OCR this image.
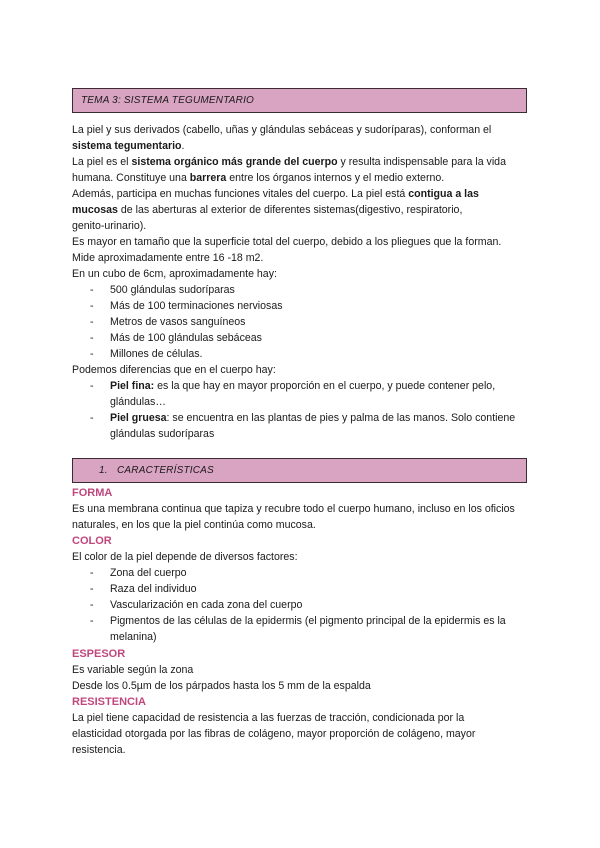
TEMA 3: SISTEMA TEGUMENTARIO
La piel y sus derivados (cabello, uñas y glándulas sebáceas y sudoríparas), conforman el
sistema tegumentario.
La piel es el sistema orgánico más grande del cuerpo y resulta indispensable para la vida
humana. Constituye una barrera entre los órganos internos y el medio externo.
Además, participa en muchas funciones vitales del cuerpo. La piel está contigua a las
mucosas de las aberturas al exterior de diferentes sistemas(digestivo, respiratorio,
genito-urinario).
Es mayor en tamaño que la superficie total del cuerpo, debido a los pliegues que la forman.
Mide aproximadamente entre 16 -18 m2.
En un cubo de 6cm, aproximadamente hay:
- 500 glándulas sudoríparas
- Más de 100 terminaciones nerviosas
- Metros de vasos sanguíneos
- Más de 100 glándulas sebáceas
- Millones de células.
Podemos diferencias que en el cuerpo hay:
- Piel fina: es la que hay en mayor proporción en el cuerpo, y puede contener pelo,
glándulas…
- Piel gruesa: se encuentra en las plantas de pies y palma de las manos. Solo contiene
glándulas sudoríparas
1. CARACTERÍSTICAS
FORMA
Es una membrana continua que tapiza y recubre todo el cuerpo humano, incluso en los oficios
naturales, en los que la piel continúa como mucosa.
COLOR
El color de la piel depende de diversos factores:
- Zona del cuerpo
- Raza del individuo
- Vascularización en cada zona del cuerpo
- Pigmentos de las células de la epidermis (el pigmento principal de la epidermis es la
melanina)
ESPESOR
Es variable según la zona
Desde los 0.5µm de los párpados hasta los 5 mm de la espalda
RESISTENCIA
La piel tiene capacidad de resistencia a las fuerzas de tracción, condicionada por la
elasticidad otorgada por las fibras de colágeno, mayor proporción de colágeno, mayor
resistencia.
